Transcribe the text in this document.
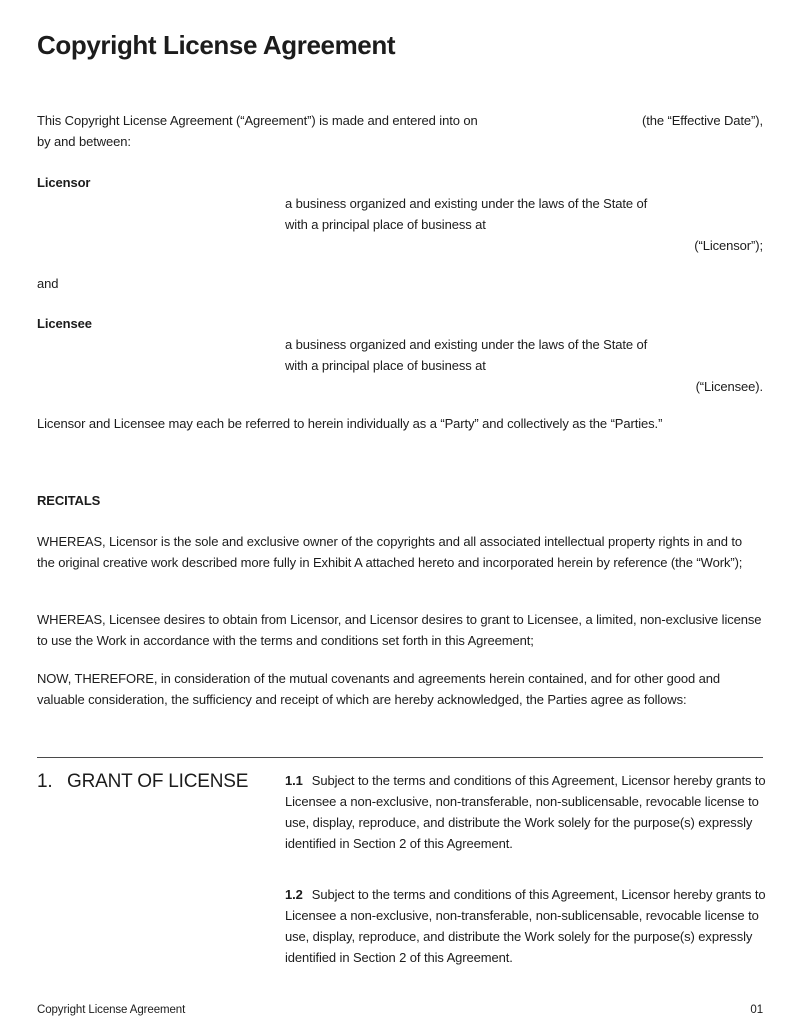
Copyright License Agreement
This Copyright License Agreement (“Agreement”) is made and entered into on	(the “Effective Date”),
by and between:
Licensor
a business organized and existing under the laws of the State of
with a principal place of business at
(“Licensor”);
and
Licensee
a business organized and existing under the laws of the State of
with a principal place of business at
(“Licensee).

Licensor and Licensee may each be referred to herein individually as a “Party” and collectively as the “Parties.”

RECITALS

WHEREAS, Licensor is the sole and exclusive owner of the copyrights and all associated intellectual property rights in and to the original creative work described more fully in Exhibit A attached hereto and incorporated herein by reference (the “Work”);

WHEREAS, Licensee desires to obtain from Licensor, and Licensor desires to grant to Licensee, a limited, non-exclusive license to use the Work in accordance with the terms and conditions set forth in this Agreement;

NOW, THEREFORE, in consideration of the mutual covenants and agreements herein contained, and for other good and valuable consideration, the sufficiency and receipt of which are hereby acknowledged, the Parties agree as follows:

1. GRANT OF LICENSE	1.1 Subject to the terms and conditions of this Agreement, Licensor hereby grants to Licensee a non-exclusive, non-transferable, non-sublicensable, revocable license to use, display, reproduce, and distribute the Work solely for the purpose(s) expressly identified in Section 2 of this Agreement.

1.2 Subject to the terms and conditions of this Agreement, Licensor hereby grants to Licensee a non-exclusive, non-transferable, non-sublicensable, revocable license to use, display, reproduce, and distribute the Work solely for the purpose(s) expressly identified in Section 2 of this Agreement.

Copyright License Agreement	01
